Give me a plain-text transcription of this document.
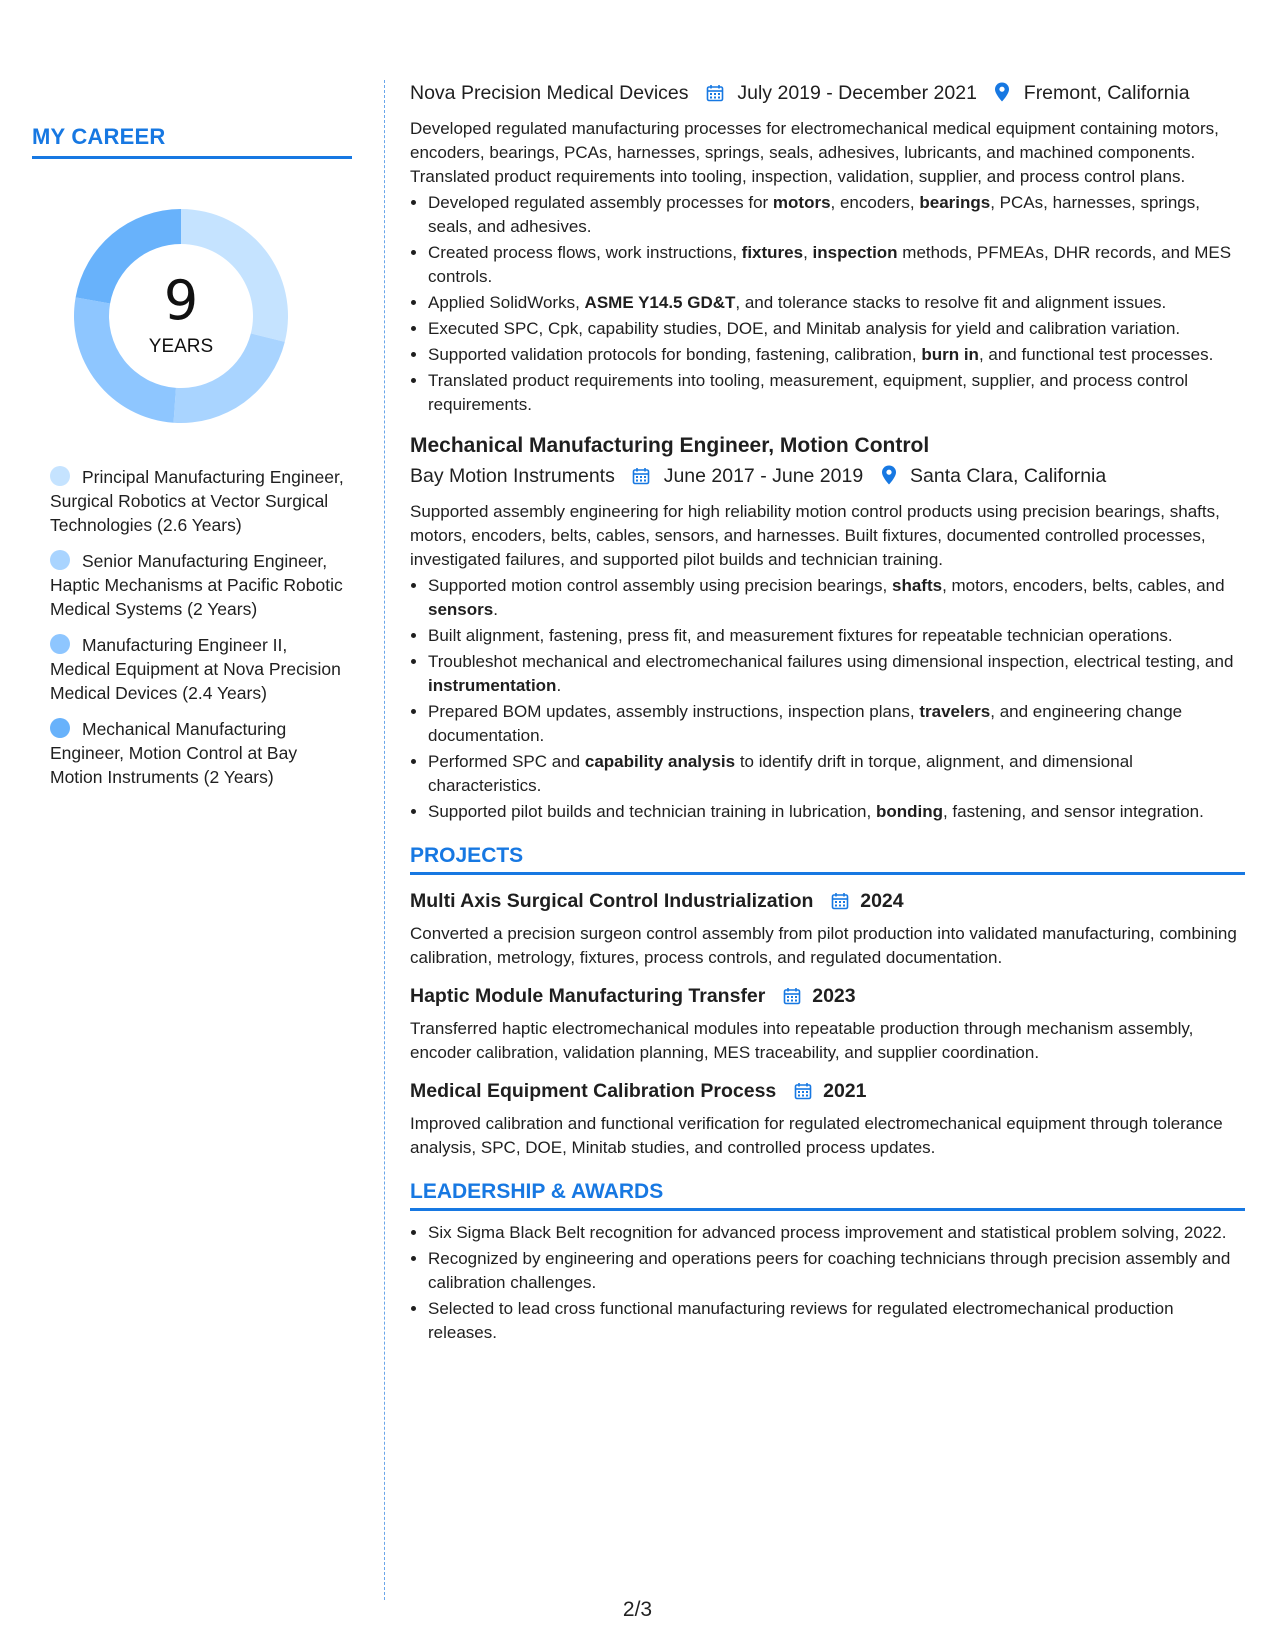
MY CAREER
9
YEARS
Principal Manufacturing Engineer, Surgical Robotics at Vector Surgical Technologies (2.6 Years)
Senior Manufacturing Engineer, Haptic Mechanisms at Pacific Robotic Medical Systems (2 Years)
Manufacturing Engineer II, Medical Equipment at Nova Precision Medical Devices (2.4 Years)
Mechanical Manufacturing Engineer, Motion Control at Bay Motion Instruments (2 Years)
Nova Precision Medical Devices	July 2019 - December 2021 Fremont, California
Developed regulated manufacturing processes for electromechanical medical equipment containing motors, encoders, bearings, PCAs, harnesses, springs, seals, adhesives, lubricants, and machined components. Translated product requirements into tooling, inspection, validation, supplier, and process control plans.
• Developed regulated assembly processes for motors, encoders, bearings, PCAs, harnesses, springs, seals, and adhesives.
• Created process flows, work instructions, fixtures, inspection methods, PFMEAs, DHR records, and MES controls.
• Applied SolidWorks, ASME Y14.5 GD&T, and tolerance stacks to resolve fit and alignment issues.
• Executed SPC, Cpk, capability studies, DOE, and Minitab analysis for yield and calibration variation.
• Supported validation protocols for bonding, fastening, calibration, burn in, and functional test processes.
• Translated product requirements into tooling, measurement, equipment, supplier, and process control requirements.
Mechanical Manufacturing Engineer, Motion Control
Bay Motion Instruments	June 2017 - June 2019 Santa Clara, California
Supported assembly engineering for high reliability motion control products using precision bearings, shafts, motors, encoders, belts, cables, sensors, and harnesses. Built fixtures, documented controlled processes, investigated failures, and supported pilot builds and technician training.
• Supported motion control assembly using precision bearings, shafts, motors, encoders, belts, cables, and sensors.
• Built alignment, fastening, press fit, and measurement fixtures for repeatable technician operations.
• Troubleshot mechanical and electromechanical failures using dimensional inspection, electrical testing, and instrumentation.
• Prepared BOM updates, assembly instructions, inspection plans, travelers, and engineering change documentation.
• Performed SPC and capability analysis to identify drift in torque, alignment, and dimensional characteristics.
• Supported pilot builds and technician training in lubrication, bonding, fastening, and sensor integration.
PROJECTS
Multi Axis Surgical Control Industrialization 2024
Converted a precision surgeon control assembly from pilot production into validated manufacturing, combining calibration, metrology, fixtures, process controls, and regulated documentation.
Haptic Module Manufacturing Transfer 2023
Transferred haptic electromechanical modules into repeatable production through mechanism assembly, encoder calibration, validation planning, MES traceability, and supplier coordination.
Medical Equipment Calibration Process 2021
Improved calibration and functional verification for regulated electromechanical equipment through tolerance analysis, SPC, DOE, Minitab studies, and controlled process updates.
LEADERSHIP & AWARDS
• Six Sigma Black Belt recognition for advanced process improvement and statistical problem solving, 2022.
• Recognized by engineering and operations peers for coaching technicians through precision assembly and calibration challenges.
• Selected to lead cross functional manufacturing reviews for regulated electromechanical production releases.
2/3
